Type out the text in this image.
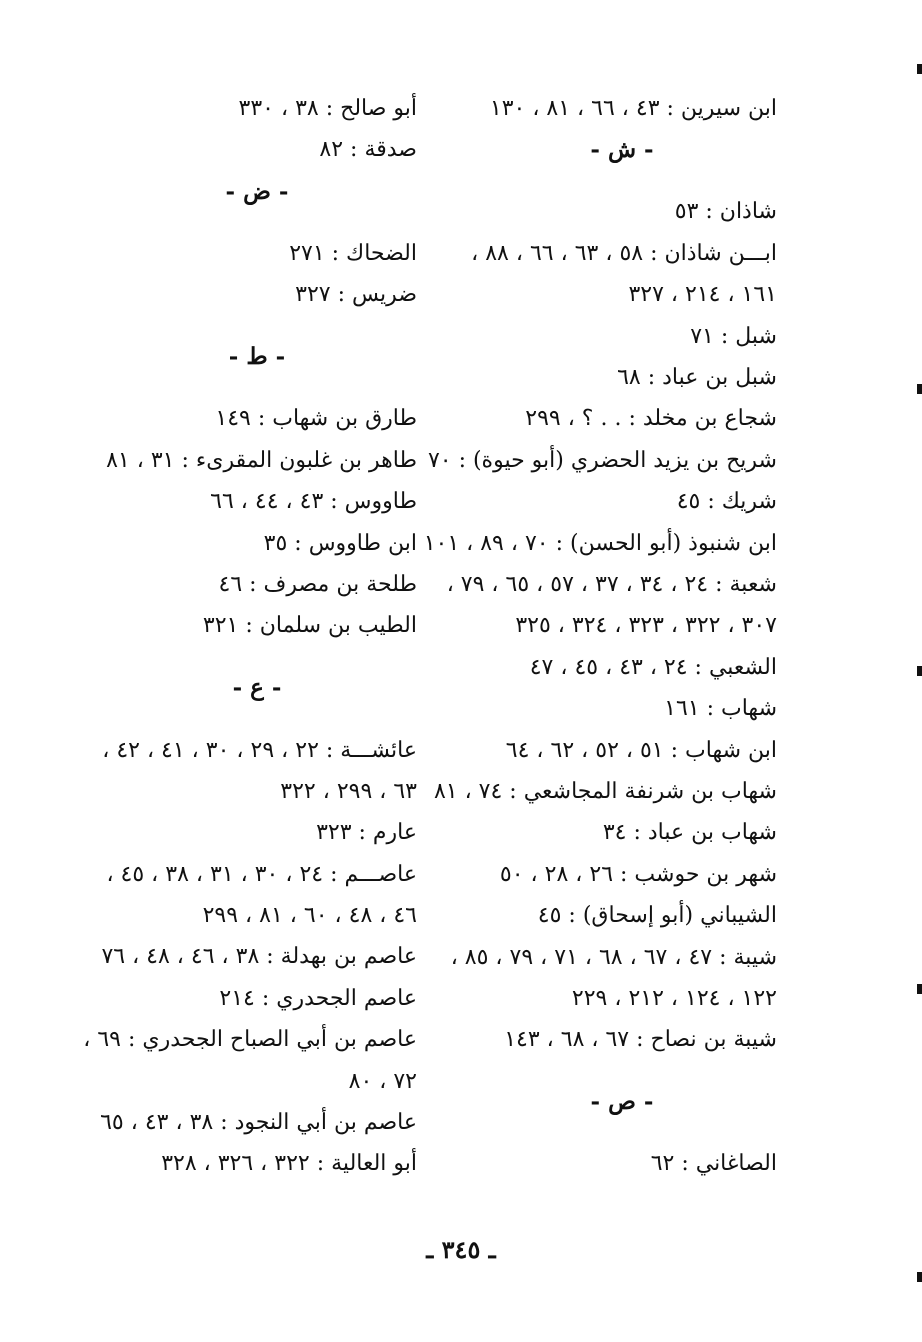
ابن سيرين : ٤٣ ، ٦٦ ، ٨١ ، ١٣٠
- ش -
شاذان : ٥٣
ابـــن شاذان : ٥٨ ، ٦٣ ، ٦٦ ، ٨٨ ،
١٦١ ، ٢١٤ ، ٣٢٧
شبل : ٧١
شبل بن عباد : ٦٨
شجاع بن مخلد : . . ؟ ، ٢٩٩
شريح بن يزيد الحضري (أبو حيوة) : ٧٠
شريك : ٤٥
ابن شنبوذ (أبو الحسن) : ٧٠ ، ٨٩ ، ١٠١
شعبة : ٢٤ ، ٣٤ ، ٣٧ ، ٥٧ ، ٦٥ ، ٧٩ ،
٣٠٧ ، ٣٢٢ ، ٣٢٣ ، ٣٢٤ ، ٣٢٥
الشعبي : ٢٤ ، ٤٣ ، ٤٥ ، ٤٧
شهاب : ١٦١
ابن شهاب : ٥١ ، ٥٢ ، ٦٢ ، ٦٤
شهاب بن شرنفة المجاشعي : ٧٤ ، ٨١
شهاب بن عباد : ٣٤
شهر بن حوشب : ٢٦ ، ٢٨ ، ٥٠
الشيباني (أبو إسحاق) : ٤٥
شيبة : ٤٧ ، ٦٧ ، ٦٨ ، ٧١ ، ٧٩ ، ٨٥ ،
١٢٢ ، ١٢٤ ، ٢١٢ ، ٢٢٩
شيبة بن نصاح : ٦٧ ، ٦٨ ، ١٤٣
- ص -
الصاغاني : ٦٢
أبو صالح : ٣٨ ، ٣٣٠
صدقة : ٨٢
- ض -
الضحاك : ٢٧١
ضريس : ٣٢٧
- ط -
طارق بن شهاب : ١٤٩
طاهر بن غلبون المقرىء : ٣١ ، ٨١
طاووس : ٤٣ ، ٤٤ ، ٦٦
ابن طاووس : ٣٥
طلحة بن مصرف : ٤٦
الطيب بن سلمان : ٣٢١
- ع -
عائشـــة : ٢٢ ، ٢٩ ، ٣٠ ، ٤١ ، ٤٢ ،
٦٣ ، ٢٩٩ ، ٣٢٢
عارم : ٣٢٣
عاصـــم : ٢٤ ، ٣٠ ، ٣١ ، ٣٨ ، ٤٥ ،
٤٦ ، ٤٨ ، ٦٠ ، ٨١ ، ٢٩٩
عاصم بن بهدلة : ٣٨ ، ٤٦ ، ٤٨ ، ٧٦
عاصم الجحدري : ٢١٤
عاصم بن أبي الصباح الجحدري : ٦٩ ،
٧٢ ، ٨٠
عاصم بن أبي النجود : ٣٨ ، ٤٣ ، ٦٥
أبو العالية : ٣٢٢ ، ٣٢٦ ، ٣٢٨
ـ ٣٤٥ ـ
